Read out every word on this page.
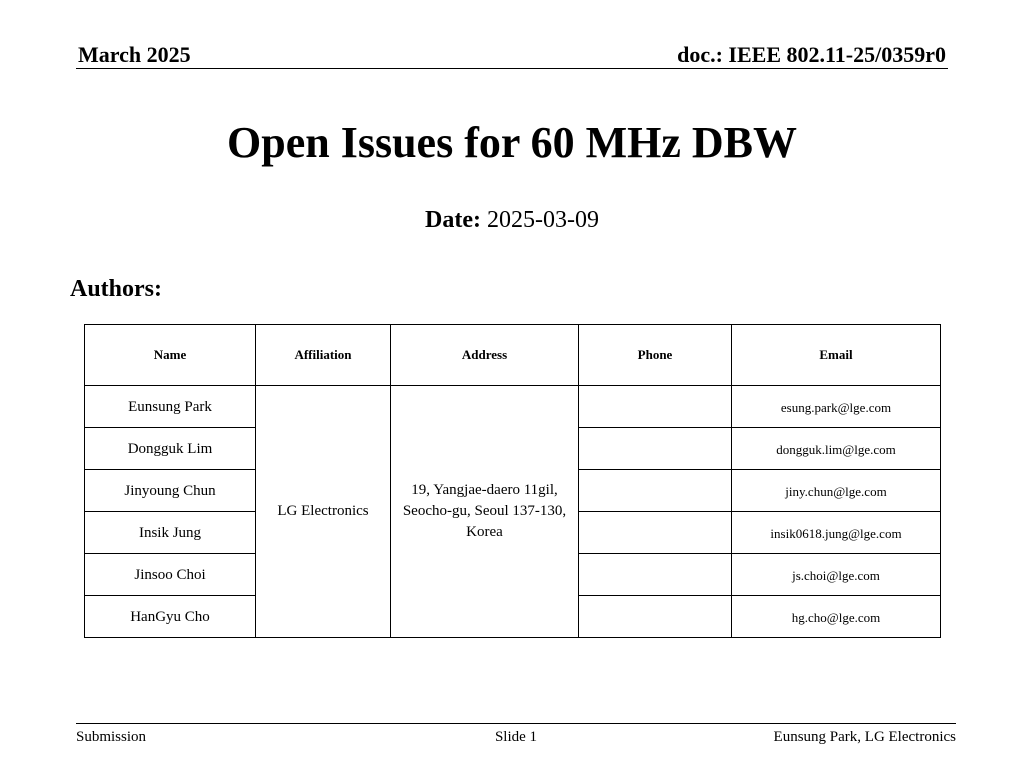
March 2025	doc.: IEEE 802.11-25/0359r0
Open Issues for 60 MHz DBW
Date: 2025-03-09
Authors:
Name	Affiliation	Address	Phone	Email
Eunsung Park	LG Electronics	19, Yangjae-daero 11gil, Seocho-gu, Seoul 137-130, Korea		esung.park@lge.com
Dongguk Lim				dongguk.lim@lge.com
Jinyoung Chun				jiny.chun@lge.com
Insik Jung				insik0618.jung@lge.com
Jinsoo Choi				js.choi@lge.com
HanGyu Cho				hg.cho@lge.com
Submission	Slide 1	Eunsung Park, LG Electronics
